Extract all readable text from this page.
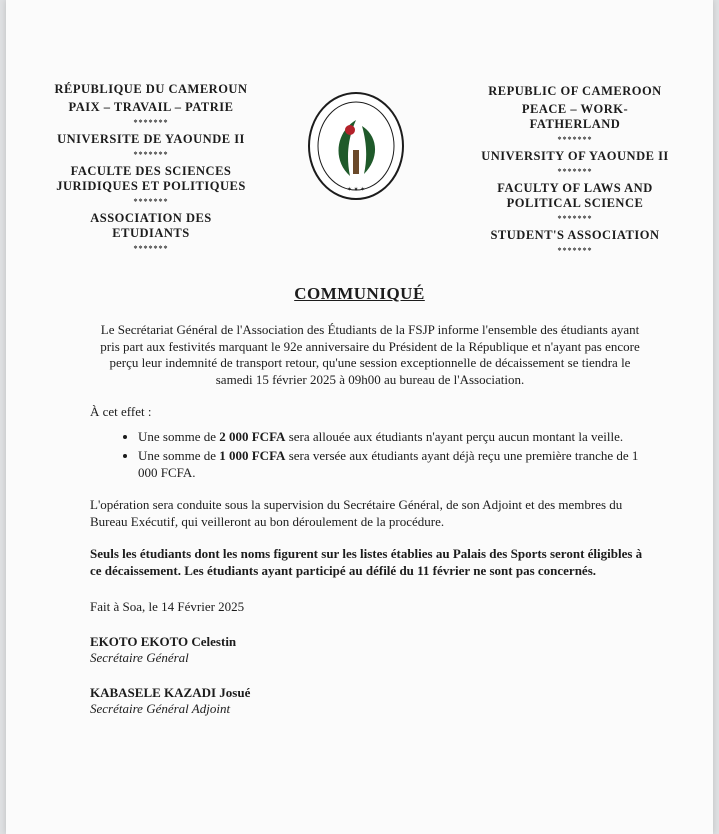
RÉPUBLIQUE DU CAMEROUN
PAIX – TRAVAIL – PATRIE
*******
UNIVERSITE DE YAOUNDE II
*******
FACULTE DES SCIENCES
JURIDIQUES ET POLITIQUES
*******
ASSOCIATION DES
ETUDIANTS
*******
✶ ✶ ✶
REPUBLIC OF CAMEROON
PEACE – WORK-
FATHERLAND
*******
UNIVERSITY OF YAOUNDE II
*******
FACULTY OF LAWS AND
POLITICAL SCIENCE
*******
STUDENT'S ASSOCIATION
*******
COMMUNIQUÉ

Le Secrétariat Général de l'Association des Étudiants de la FSJP informe l'ensemble des étudiants ayant pris part aux festivités marquant le 92e anniversaire du Président de la République et n'ayant pas encore perçu leur indemnité de transport retour, qu'une session exceptionnelle de décaissement se tiendra le samedi 15 février 2025 à 09h00 au bureau de l'Association.

À cet effet :

• Une somme de 2 000 FCFA sera allouée aux étudiants n'ayant perçu aucun montant la veille.
• Une somme de 1 000 FCFA sera versée aux étudiants ayant déjà reçu une première tranche de 1 000 FCFA.

L'opération sera conduite sous la supervision du Secrétaire Général, de son Adjoint et des membres du Bureau Exécutif, qui veilleront au bon déroulement de la procédure.

Seuls les étudiants dont les noms figurent sur les listes établies au Palais des Sports seront éligibles à ce décaissement. Les étudiants ayant participé au défilé du 11 février ne sont pas concernés.

Fait à Soa, le 14 Février 2025

EKOTO EKOTO Celestin
Secrétaire Général
KABASELE KAZADI Josué
Secrétaire Général Adjoint
